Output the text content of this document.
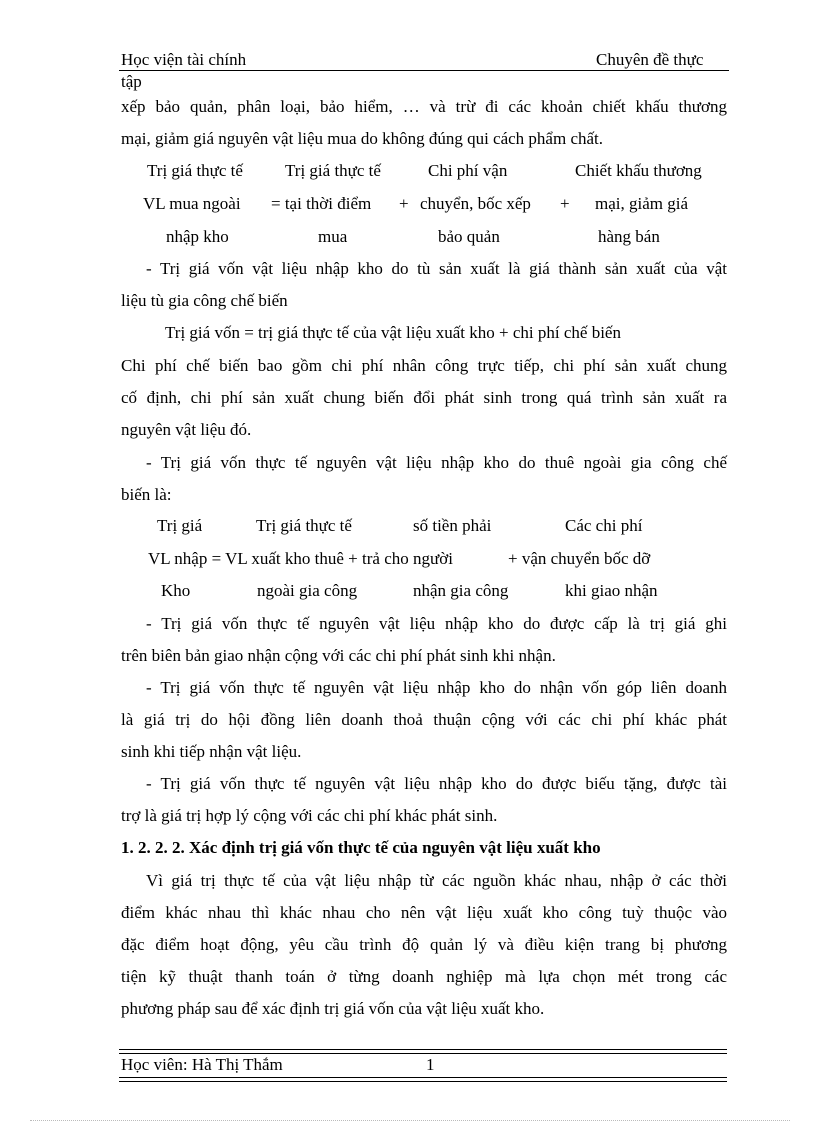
Học viện tài chính	Chuyên đề thực
tập
xếp bảo quản, phân loại, bảo hiểm, … và trừ đi các khoản chiết khấu thương
mại, giảm giá nguyên vật liệu mua do không đúng qui cách phẩm chất.
Trị giá thực tế Trị giá thực tế	Chi phí vận	Chiết khấu thương
VL mua ngoài = tại thời điểm + chuyển, bốc xếp + mại, giảm giá
nhập kho	mua	bảo quản	hàng bán
- Trị giá vốn vật liệu nhập kho do tù sản xuất là giá thành sản xuất của vật
liệu tù gia công chế biến
Trị giá vốn = trị giá thực tế của vật liệu xuất kho + chi phí chế biến
Chi phí chế biến bao gồm chi phí nhân công trực tiếp, chi phí sản xuất chung
cố định, chi phí sản xuất chung biến đổi phát sinh trong quá trình sản xuất ra
nguyên vật liệu đó.
- Trị giá vốn thực tế nguyên vật liệu nhập kho do thuê ngoài gia công chế
biến là:
Trị giá	Trị giá thực tế	số tiền phải	Các chi phí
VL nhập = VL xuất kho thuê + trả cho người	+ vận chuyển bốc dỡ
Kho	ngoài gia công	nhận gia công	khi giao nhận
- Trị giá vốn thực tế nguyên vật liệu nhập kho do được cấp là trị giá ghi
trên biên bản giao nhận cộng với các chi phí phát sinh khi nhận.
- Trị giá vốn thực tế nguyên vật liệu nhập kho do nhận vốn góp liên doanh
là giá trị do hội đồng liên doanh thoả thuận cộng với các chi phí khác phát
sinh khi tiếp nhận vật liệu.
- Trị giá vốn thực tế nguyên vật liệu nhập kho do được biếu tặng, được tài
trợ là giá trị hợp lý cộng với các chi phí khác phát sinh.
1. 2. 2. 2. Xác định trị giá vốn thực tế của nguyên vật liệu xuất kho
Vì giá trị thực tế của vật liệu nhập từ các nguồn khác nhau, nhập ở các thời
điểm khác nhau thì khác nhau cho nên vật liệu xuất kho công tuỳ thuộc vào
đặc điểm hoạt động, yêu cầu trình độ quản lý và điều kiện trang bị phương
tiện kỹ thuật thanh toán ở từng doanh nghiệp mà lựa chọn mét trong các
phương pháp sau để xác định trị giá vốn của vật liệu xuất kho.
Học viên: Hà Thị Thắm	1
